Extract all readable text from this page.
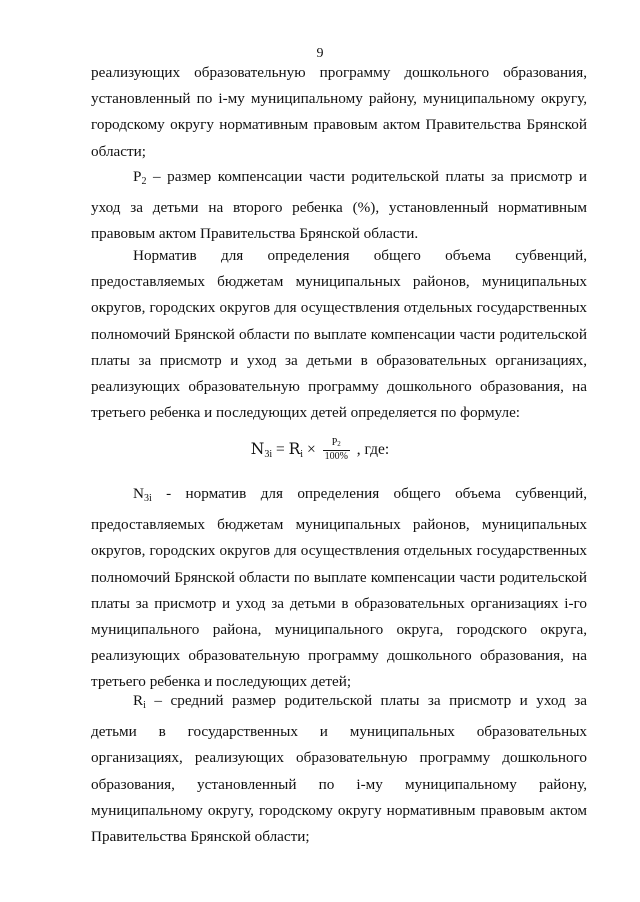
9

реализующих образовательную программу дошкольного образования, установленный по i-му муниципальному району, муниципальному округу, городскому округу нормативным правовым актом Правительства Брянской области;

P2 – размер компенсации части родительской платы за присмотр и уход за детьми на второго ребенка (%), установленный нормативным правовым актом Правительства Брянской области.

Норматив для определения общего объема субвенций, предоставляемых бюджетам муниципальных районов, муниципальных округов, городских округов для осуществления отдельных государственных полномочий Брянской области по выплате компенсации части родительской платы за присмотр и уход за детьми в образовательных организациях, реализующих образовательную программу дошкольного образования, на третьего ребенка и последующих детей определяется по формуле:

$N_{3i} = R_i \times \frac{P_2}{100\%}$ , где:

N3i - норматив для определения общего объема субвенций, предоставляемых бюджетам муниципальных районов, муниципальных округов, городских округов для осуществления отдельных государственных полномочий Брянской области по выплате компенсации части родительской платы за присмотр и уход за детьми в образовательных организациях i-го муниципального района, муниципального округа, городского округа, реализующих образовательную программу дошкольного образования, на третьего ребенка и последующих детей;

Ri – средний размер родительской платы за присмотр и уход за детьми в государственных и муниципальных образовательных организациях, реализующих образовательную программу дошкольного образования, установленный по i-му муниципальному району, муниципальному округу, городскому округу нормативным правовым актом Правительства Брянской области;
